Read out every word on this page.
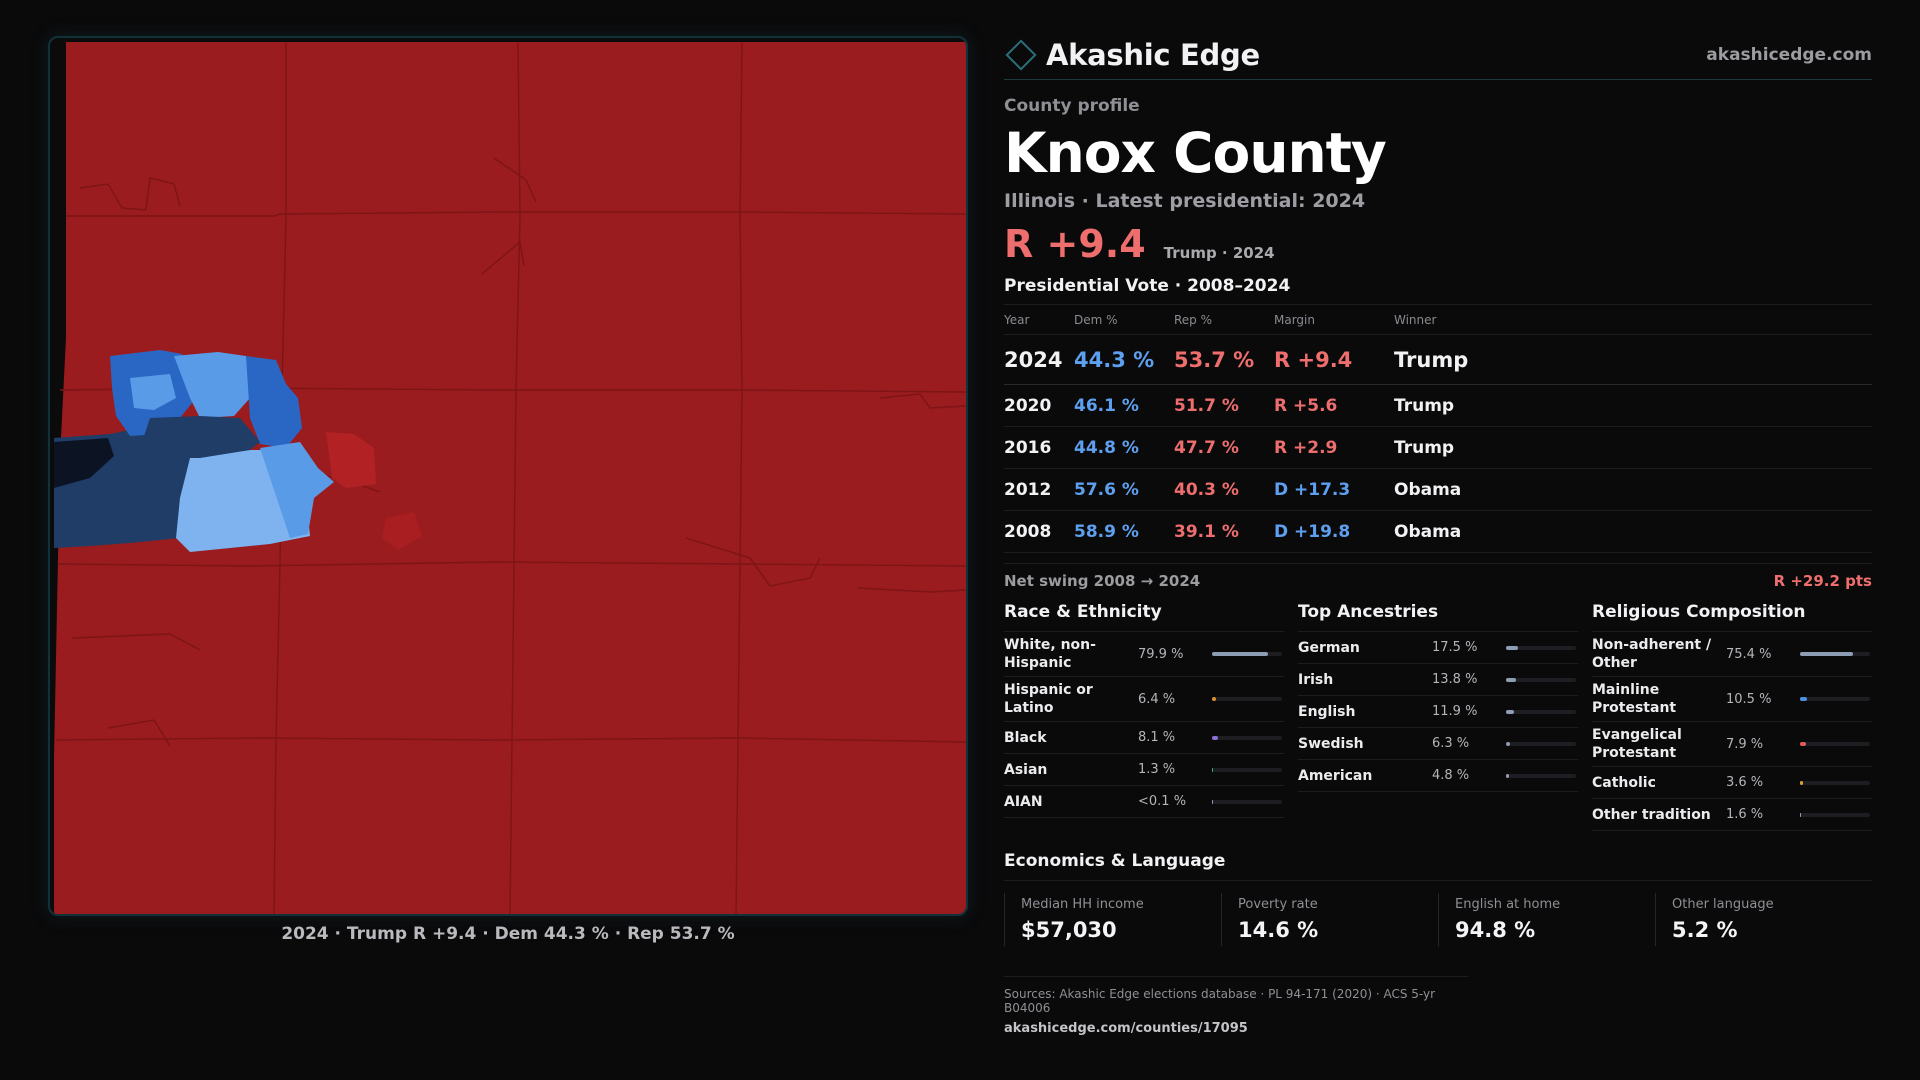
2024 · Trump R +9.4 · Dem 44.3 % · Rep 53.7 %
Akashic Edge	akashicedge.com
County profile
Knox County
Illinois · Latest presidential: 2024
R +9.4 Trump · 2024
Presidential Vote · 2008–2024
Year	Dem %	Rep %	Margin	Winner
2024	44.3 %	53.7 %	R +9.4	Trump
2020	46.1 %	51.7 %	R +5.6	Trump
2016	44.8 %	47.7 %	R +2.9	Trump
2012	57.6 %	40.3 %	D +17.3	Obama
2008	58.9 %	39.1 %	D +19.8	Obama
Net swing 2008 → 2024	R +29.2 pts
Race & Ethnicity
White, non-Hispanic
79.9 %
Hispanic or Latino
6.4 %
Black	8.1 %
Asian	1.3 %
AIAN	<0.1 %
Top Ancestries
German	17.5 %
Irish	13.8 %
English	11.9 %
Swedish	6.3 %
American	4.8 %
Religious Composition
Non-adherent / Other
75.4 %
Mainline Protestant
10.5 %
Evangelical Protestant
7.9 %
Catholic	3.6 %
Other tradition	1.6 %
Economics & Language
Median HH income
$57,030
Poverty rate
14.6 %
English at home
94.8 %
Other language
5.2 %
Sources: Akashic Edge elections database · PL 94-171 (2020) · ACS 5-yr B04006
akashicedge.com/counties/17095
